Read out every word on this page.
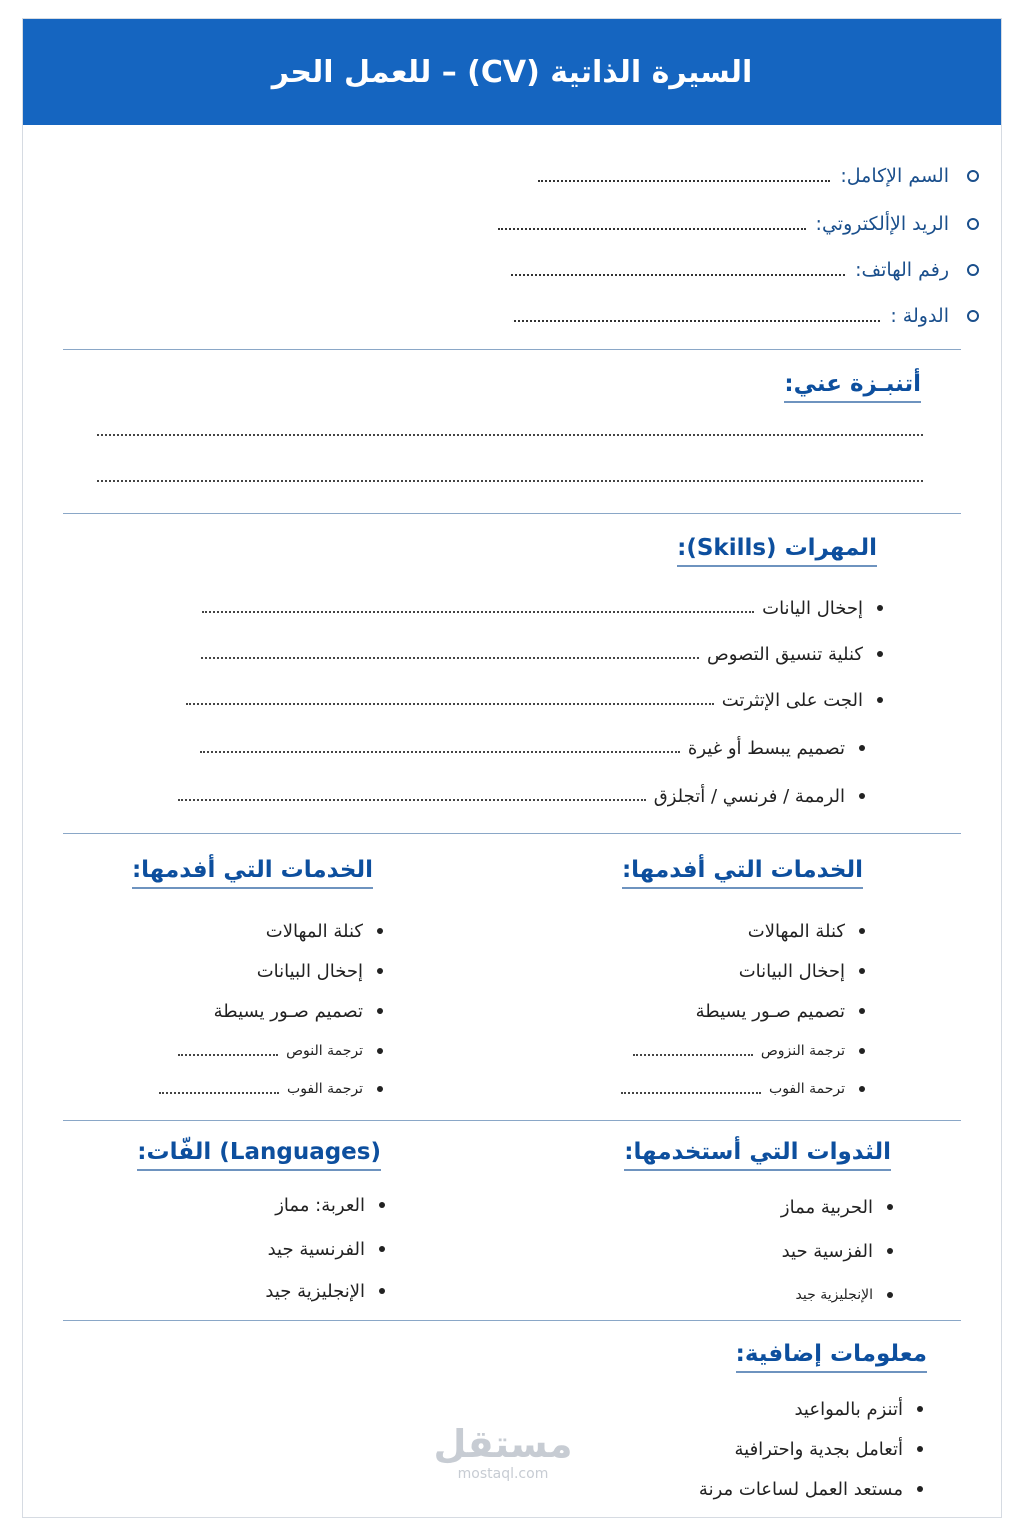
السيرة الذاتية (CV) – للعمل الحر
السم الإكامل:
الريد الإألكتروتي:
رفم الهاتف:
الدولة :
أتنبـزة عني:
المهرات (Skills):
إحخال اليانات
كنلية تنسيق التصوص
الجت على الإتثرتت
تصميم يبسط أو غيرة
الرممة / فرنسي / أتجلزق
الخدمات التي أفدمها:
كنلة المهالات
إحخال البيانات
تصميم صـور يسيطة
ترجمة النزوص
ترحمة الفوب
الخدمات التي أفدمها:
كنلة المهالات
إحخال البيانات
تصميم صـور يسيطة
ترجمة النوص
ترجمة الفوب
الثدوات التي أستخدمها:
الحربية مماز
الفزسية حيد
الإنجليزية جيد
(Languages) الفّات:
العربة: مماز
الفرنسية جيد
الإنجليزية جيد
معلومات إضافية:
أتنزم بالمواعيد
أتعامل بجدية واحترافية
مستعد العمل لساعات مرنة
مستقل
mostaql.com
